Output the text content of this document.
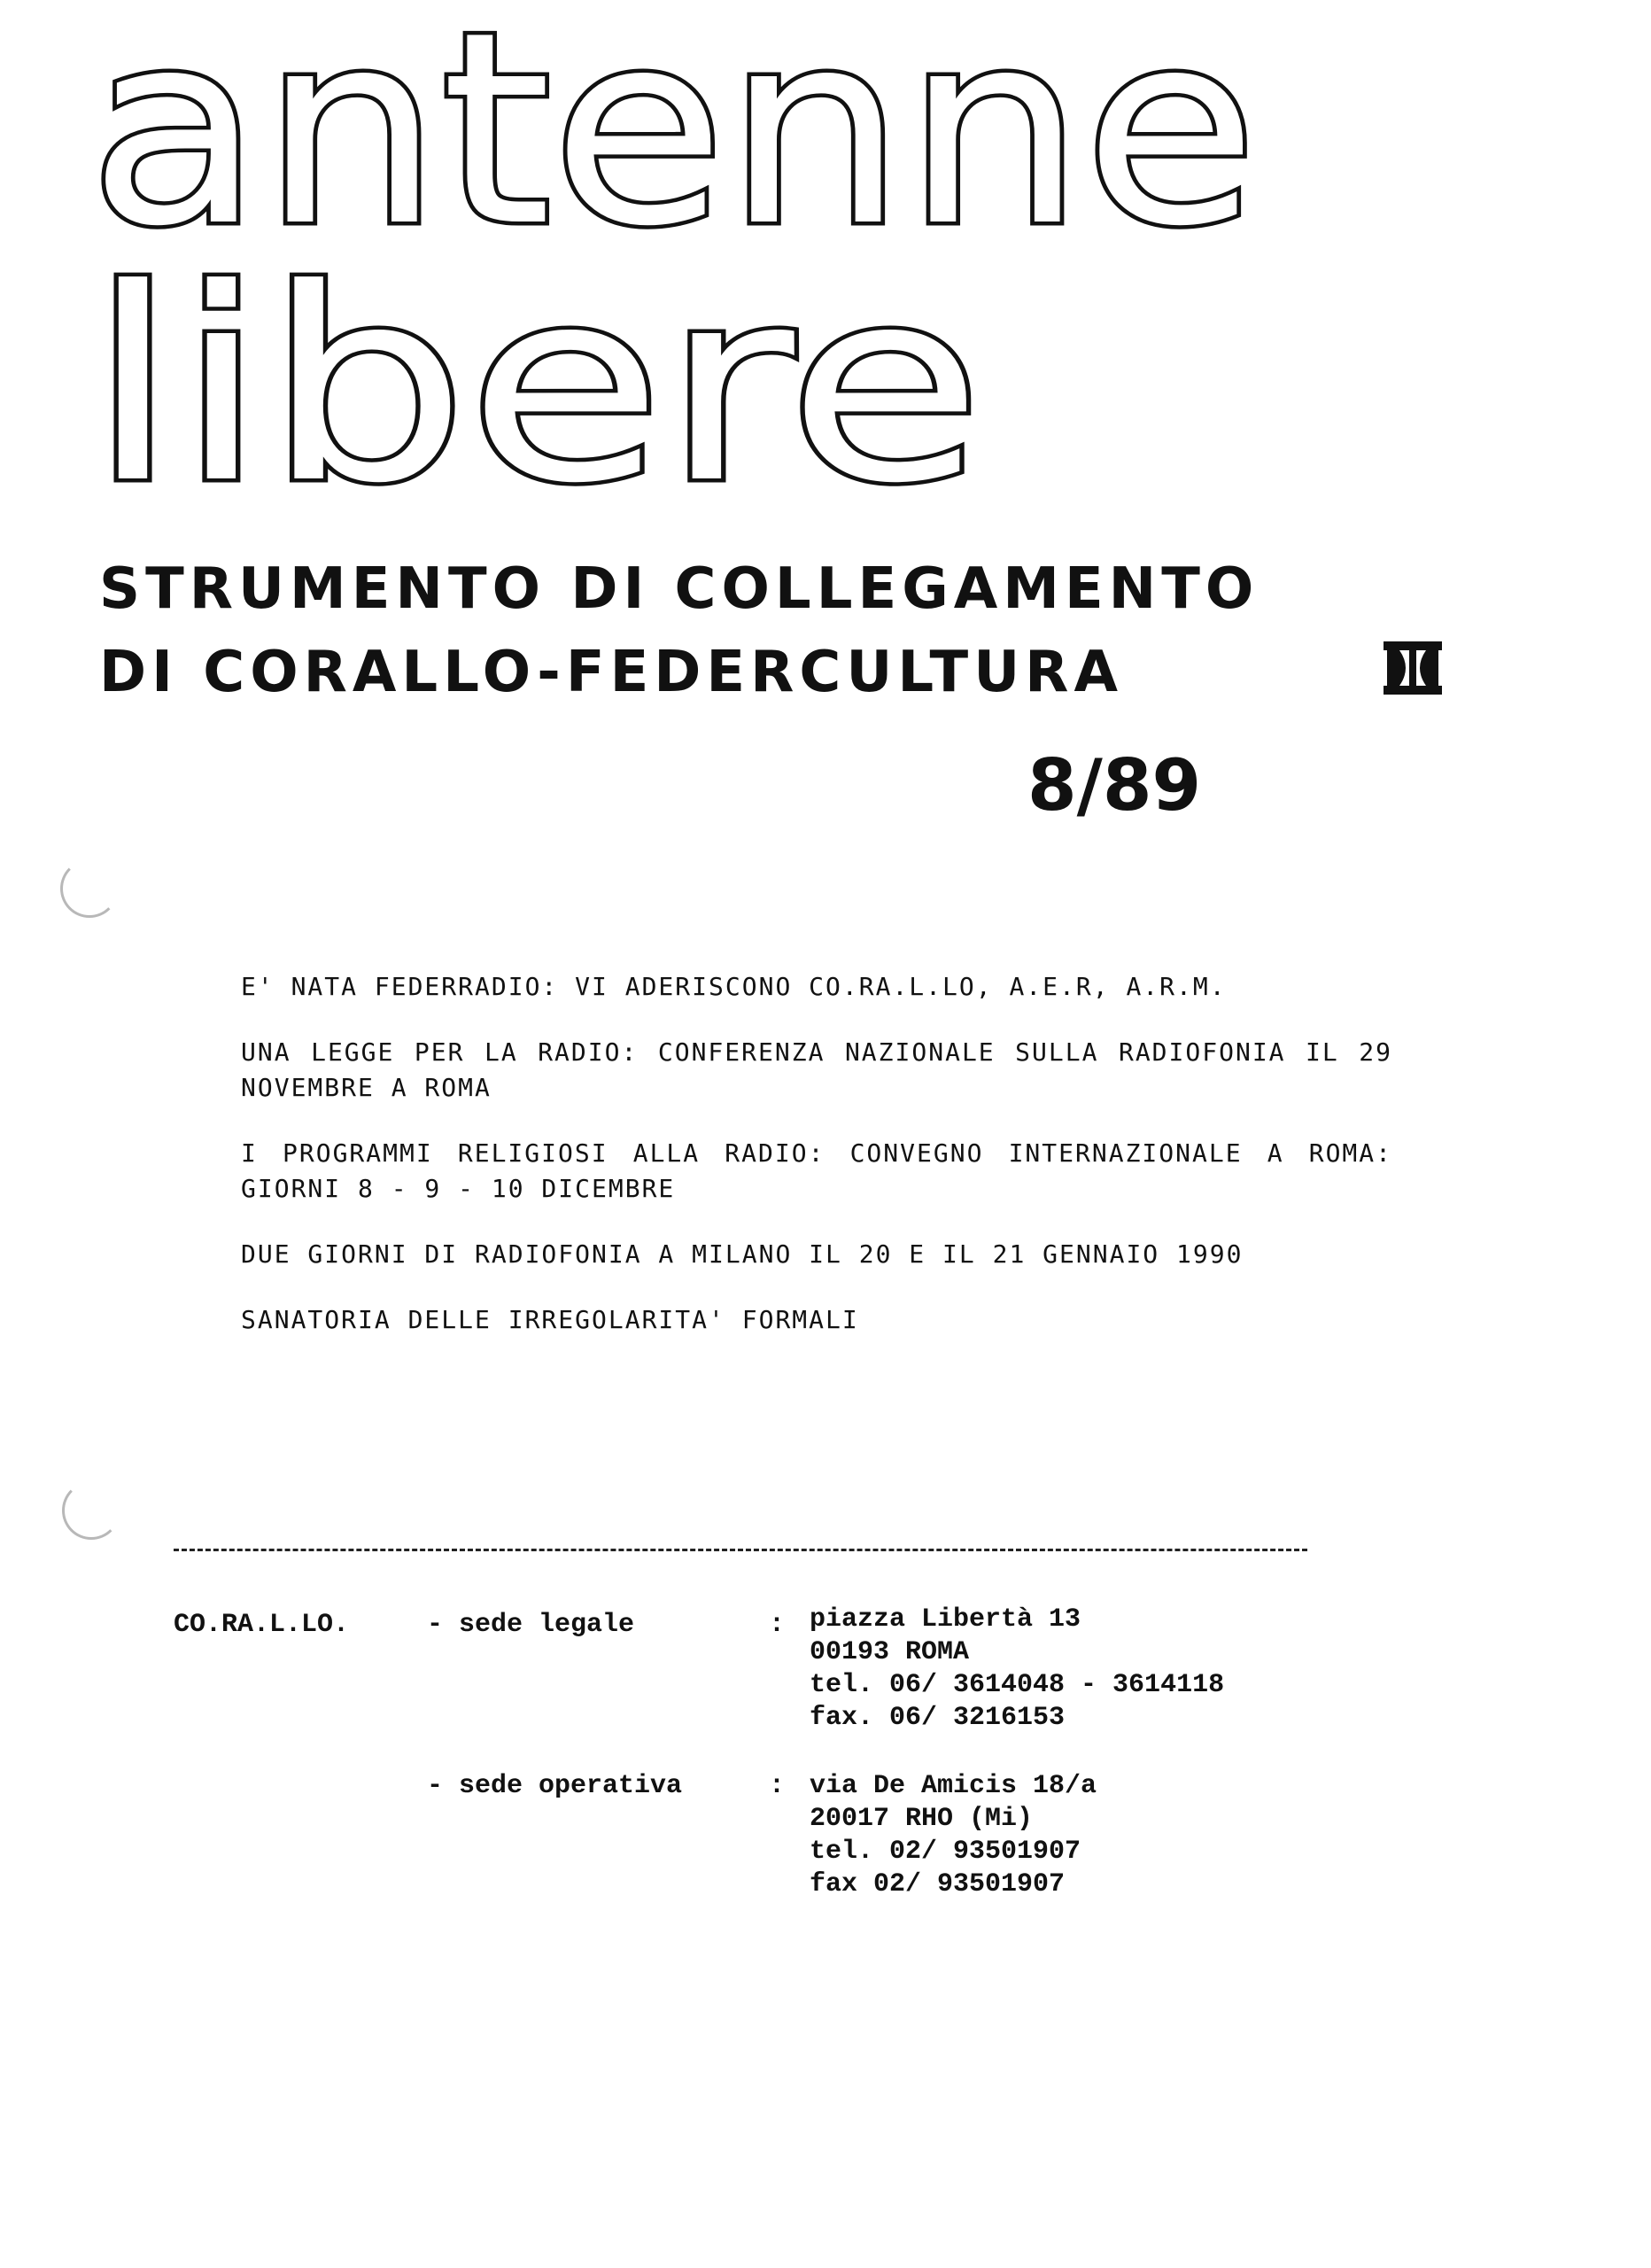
antenne
libere
STRUMENTO DI COLLEGAMENTO
DI CORALLO-FEDERCULTURA
8/89

E' NATA FEDERRADIO: VI ADERISCONO CO.RA.L.LO, A.E.R, A.R.M.

UNA LEGGE PER LA RADIO: CONFERENZA NAZIONALE SULLA RADIOFONIA IL 29 NOVEMBRE A ROMA

I PROGRAMMI RELIGIOSI ALLA RADIO: CONVEGNO INTERNAZIONALE A ROMA: GIORNI 8 - 9 - 10 DICEMBRE

DUE GIORNI DI RADIOFONIA A MILANO IL 20 E IL 21 GENNAIO 1990

SANATORIA DELLE IRREGOLARITA' FORMALI

CO.RA.L.LO.	- sede legale	: piazza Libertà 13
00193 ROMA
tel. 06/ 3614048 - 3614118
fax. 06/ 3216153
- sede operativa	: via De Amicis 18/a
20017 RHO (Mi)
tel. 02/ 93501907
fax 02/ 93501907
